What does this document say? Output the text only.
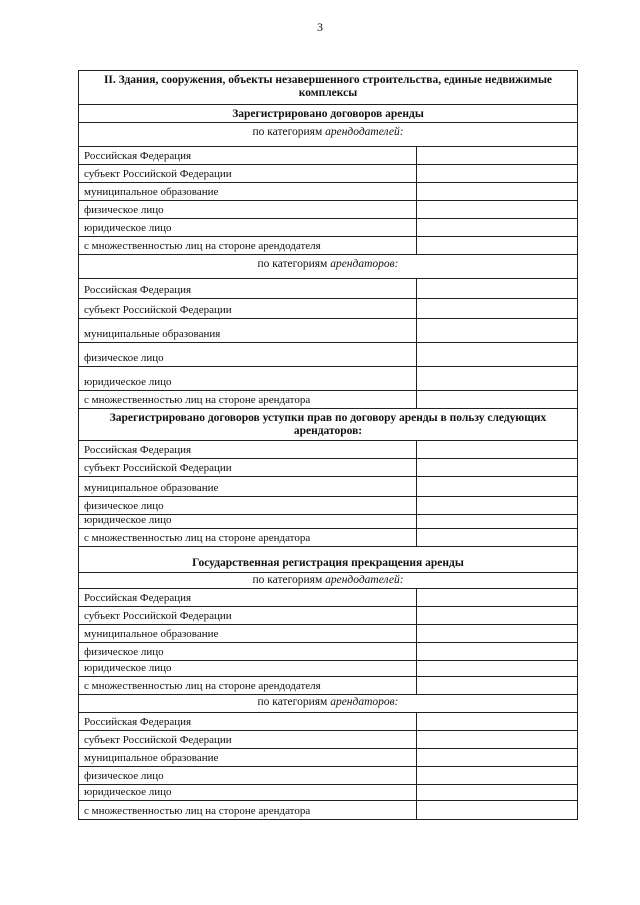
3
II. Здания, сооружения, объекты незавершенного строительства, единые недвижимые комплексы
Зарегистрировано договоров аренды
по категориям арендодателей:
Российская Федерация
субъект Российской Федерации
муниципальное образование
физическое лицо
юридическое лицо
с множественностью лиц на стороне арендодателя
по категориям арендаторов:
Российская Федерация
субъект Российской Федерации
муниципальные образования
физическое лицо
юридическое лицо
с множественностью лиц на стороне арендатора
Зарегистрировано договоров уступки прав по договору аренды в пользу следующих арендаторов:
Российская Федерация
субъект Российской Федерации
муниципальное образование
физическое лицо
юридическое лицо
с множественностью лиц на стороне арендатора
Государственная регистрация прекращения аренды
по категориям арендодателей:
Российская Федерация
субъект Российской Федерации
муниципальное образование
физическое лицо
юридическое лицо
с множественностью лиц на стороне арендодателя
по категориям арендаторов:
Российская Федерация
субъект Российской Федерации
муниципальное образование
физическое лицо
юридическое лицо
с множественностью лиц на стороне арендатора
